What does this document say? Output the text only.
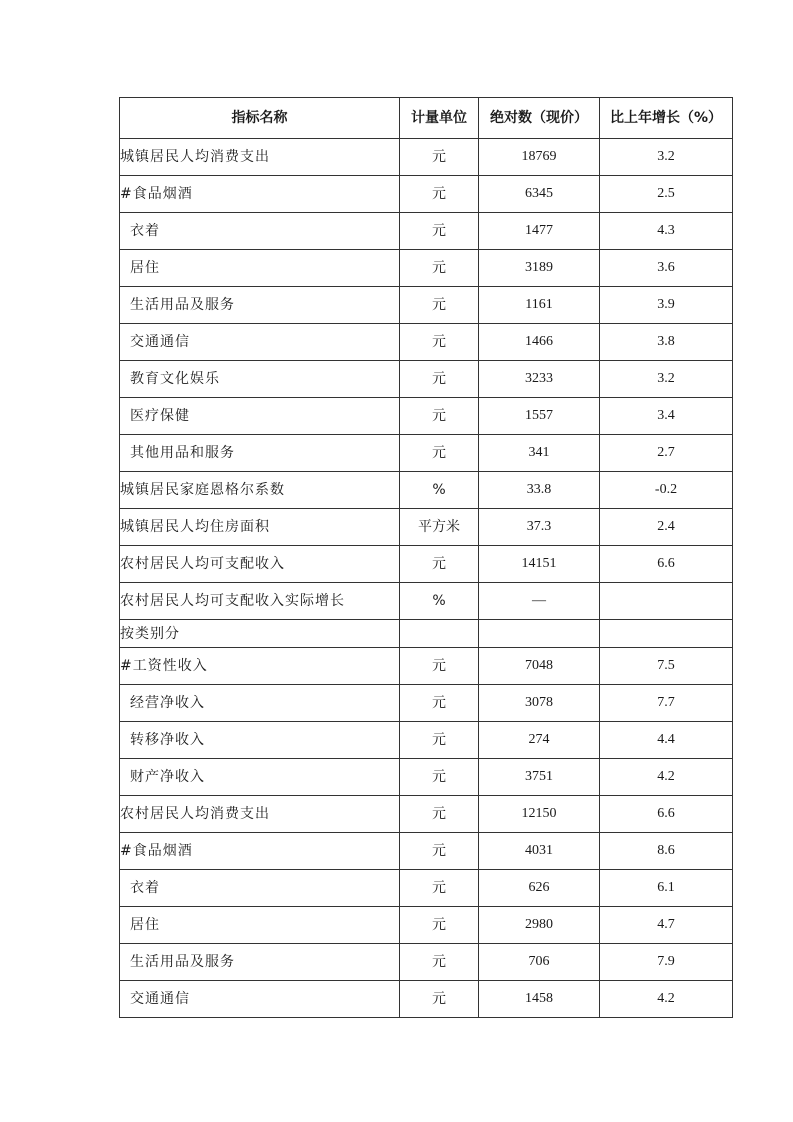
指标名称	计量单位	绝对数（现价）	比上年增长（%）
城镇居民人均消费支出	元	18769	3.2
#食品烟酒	元	6345	2.5
衣着	元	1477	4.3
居住	元	3189	3.6
生活用品及服务	元	1161	3.9
交通通信	元	1466	3.8
教育文化娱乐	元	3233	3.2
医疗保健	元	1557	3.4
其他用品和服务	元	341	2.7
城镇居民家庭恩格尔系数	%	33.8	-0.2
城镇居民人均住房面积	平方米	37.3	2.4
农村居民人均可支配收入	元	14151	6.6
农村居民人均可支配收入实际增长	%	—	
按类别分			
#工资性收入	元	7048	7.5
经营净收入	元	3078	7.7
转移净收入	元	274	4.4
财产净收入	元	3751	4.2
农村居民人均消费支出	元	12150	6.6
#食品烟酒	元	4031	8.6
衣着	元	626	6.1
居住	元	2980	4.7
生活用品及服务	元	706	7.9
交通通信	元	1458	4.2
